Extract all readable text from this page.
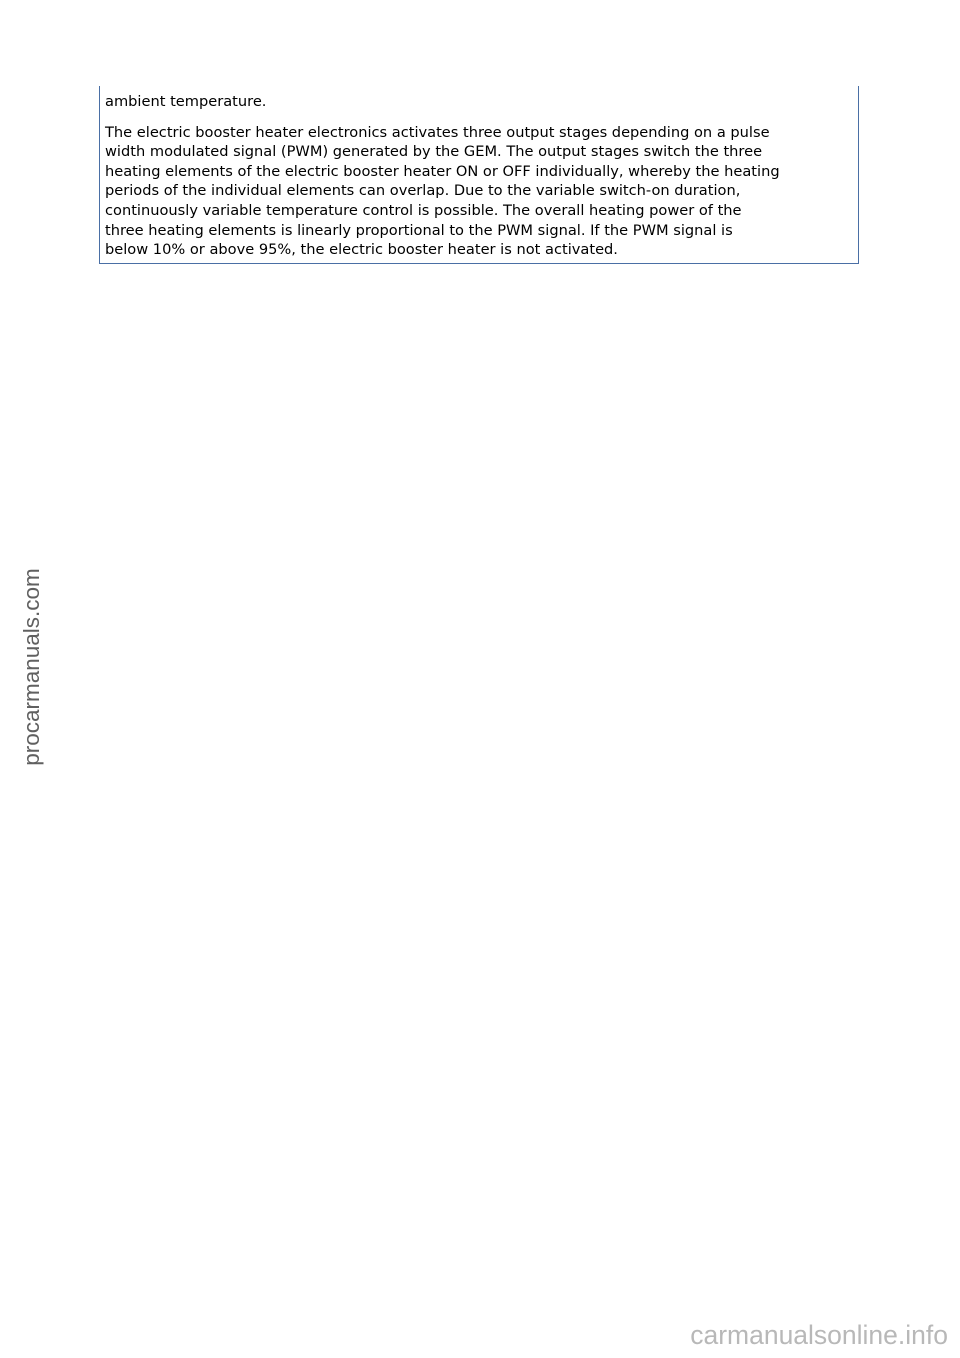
ambient temperature.

The electric booster heater electronics activates three output stages depending on a pulse
width modulated signal (PWM) generated by the GEM. The output stages switch the three
heating elements of the electric booster heater ON or OFF individually, whereby the heating
periods of the individual elements can overlap. Due to the variable switch-on duration,
continuously variable temperature control is possible. The overall heating power of the
three heating elements is linearly proportional to the PWM signal. If the PWM signal is
below 10% or above 95%, the electric booster heater is not activated.

procarmanuals.com
carmanualsonline.info
